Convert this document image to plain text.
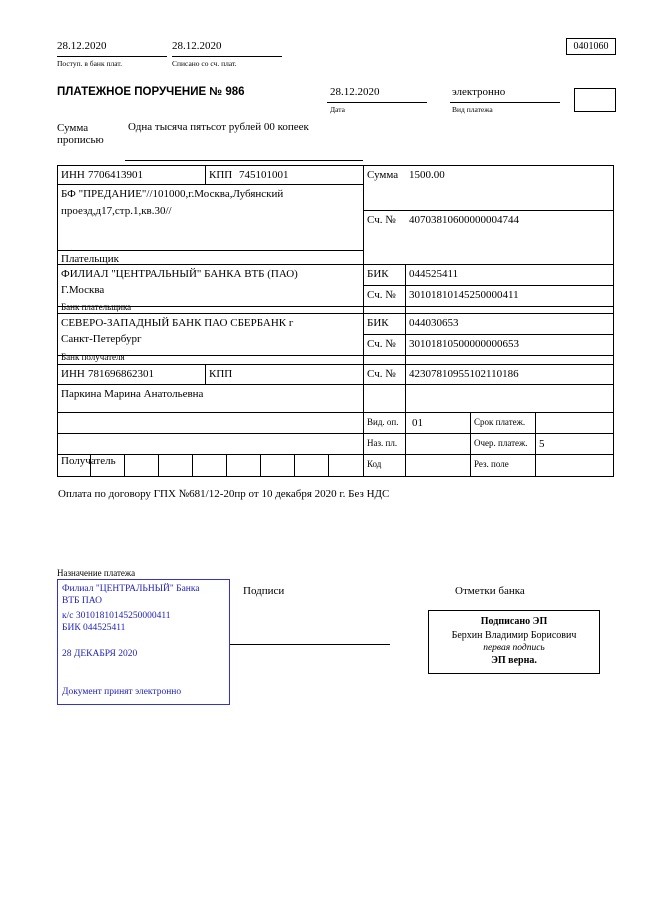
28.12.2020
Поступ. в банк плат.
28.12.2020
Списано со сч. плат.
0401060
ПЛАТЕЖНОЕ ПОРУЧЕНИЕ № 986	28.12.2020
Дата
электронно
Вид платежа
Сумма
прописью
Одна тысяча пятьсот рублей 00 копеек
ИНН 7706413901	КПП 745101001	Сумма 1500.00
БФ "ПРЕДАНИЕ"//101000,г.Москва,Лубянский
проезд,д17,стр.1,кв.30//
Сч. № 40703810600000004744
Плательщик
ФИЛИАЛ "ЦЕНТРАЛЬНЫЙ" БАНКА ВТБ (ПАО)
Г.Москва
БИК 044525411
Сч. № 30101810145250000411
Банк плательщика
СЕВЕРО-ЗАПАДНЫЙ БАНК ПАО СБЕРБАНК г
Санкт-Петербург
БИК 044030653
Сч. № 30101810500000000653
Банк получателя
ИНН 781696862301	КПП	Сч. № 42307810955102110186
Паркина Марина Анатольевна
Получатель
Вид. оп. 01	Срок платеж.
Наз. пл.	Очер. платеж. 5
Код	Рез. поле
Оплата по договору ГПХ №681/12-20пр от 10 декабря 2020 г. Без НДС
Назначение платежа
Филиал "ЦЕНТРАЛЬНЫЙ" Банка
ВТБ ПАО
к/с 30101810145250000411
БИК 044525411
28 ДЕКАБРЯ 2020
Документ принят электронно
Подписи	Отметки банка
Подписано ЭП
Берхин Владимир Борисович
первая подпись
ЭП верна.
